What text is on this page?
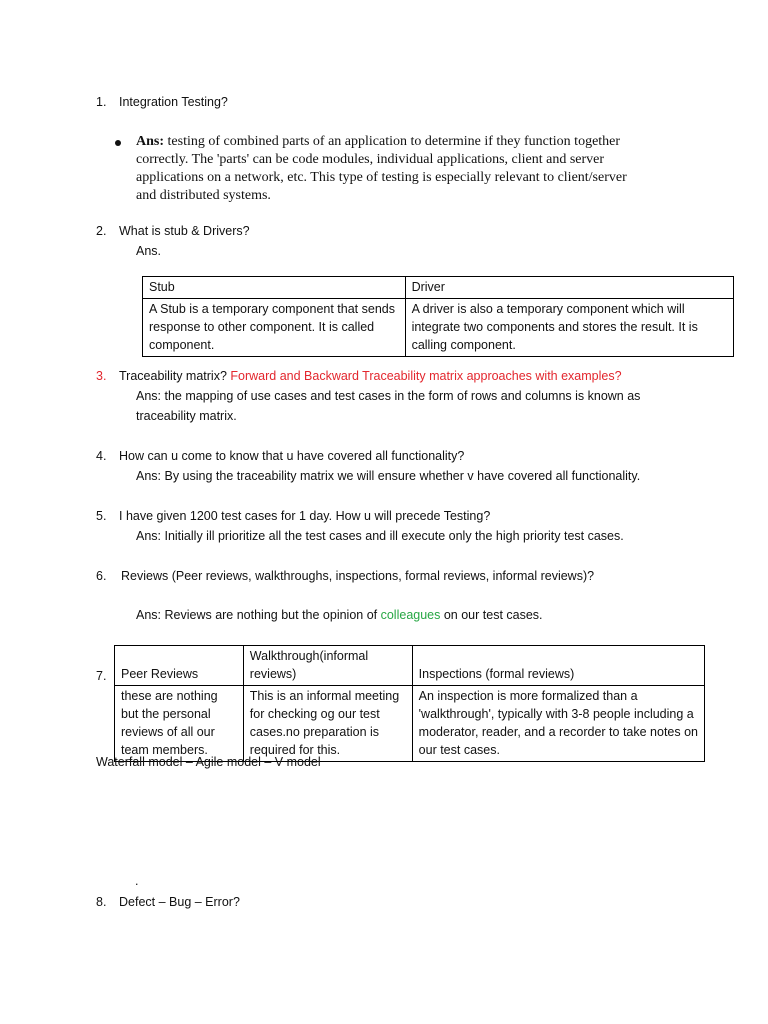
1. Integration Testing?
Ans: testing of combined parts of an application to determine if they function together
correctly. The 'parts' can be code modules, individual applications, client and server
applications on a network, etc. This type of testing is especially relevant to client/server
and distributed systems.
2. What is stub & Drivers?
Ans.
Stub	Driver
A Stub is a temporary component that sends response to other component. It is called component.	A driver is also a temporary component which will integrate two components and stores the result. It is calling component.
3. Traceability matrix? Forward and Backward Traceability matrix approaches with examples?
Ans: the mapping of use cases and test cases in the form of rows and columns is known as
traceability matrix.
4. How can u come to know that u have covered all functionality?
Ans: By using the traceability matrix we will ensure whether v have covered all functionality.
5. I have given 1200 test cases for 1 day. How u will precede Testing?
Ans: Initially ill prioritize all the test cases and ill execute only the high priority test cases.
6. Reviews (Peer reviews, walkthroughs, inspections, formal reviews, informal reviews)?
Ans: Reviews are nothing but the opinion of colleagues on our test cases.
7. Peer Reviews	Walkthrough(informal reviews)	Inspections (formal reviews)
these are nothing but the personal reviews of all our team members.	This is an informal meeting for checking og our test cases.no preparation is required for this.	An inspection is more formalized than a 'walkthrough', typically with 3-8 people including a moderator, reader, and a recorder to take notes on our test cases.
Waterfall model – Agile model – V model
.
8. Defect – Bug – Error?
